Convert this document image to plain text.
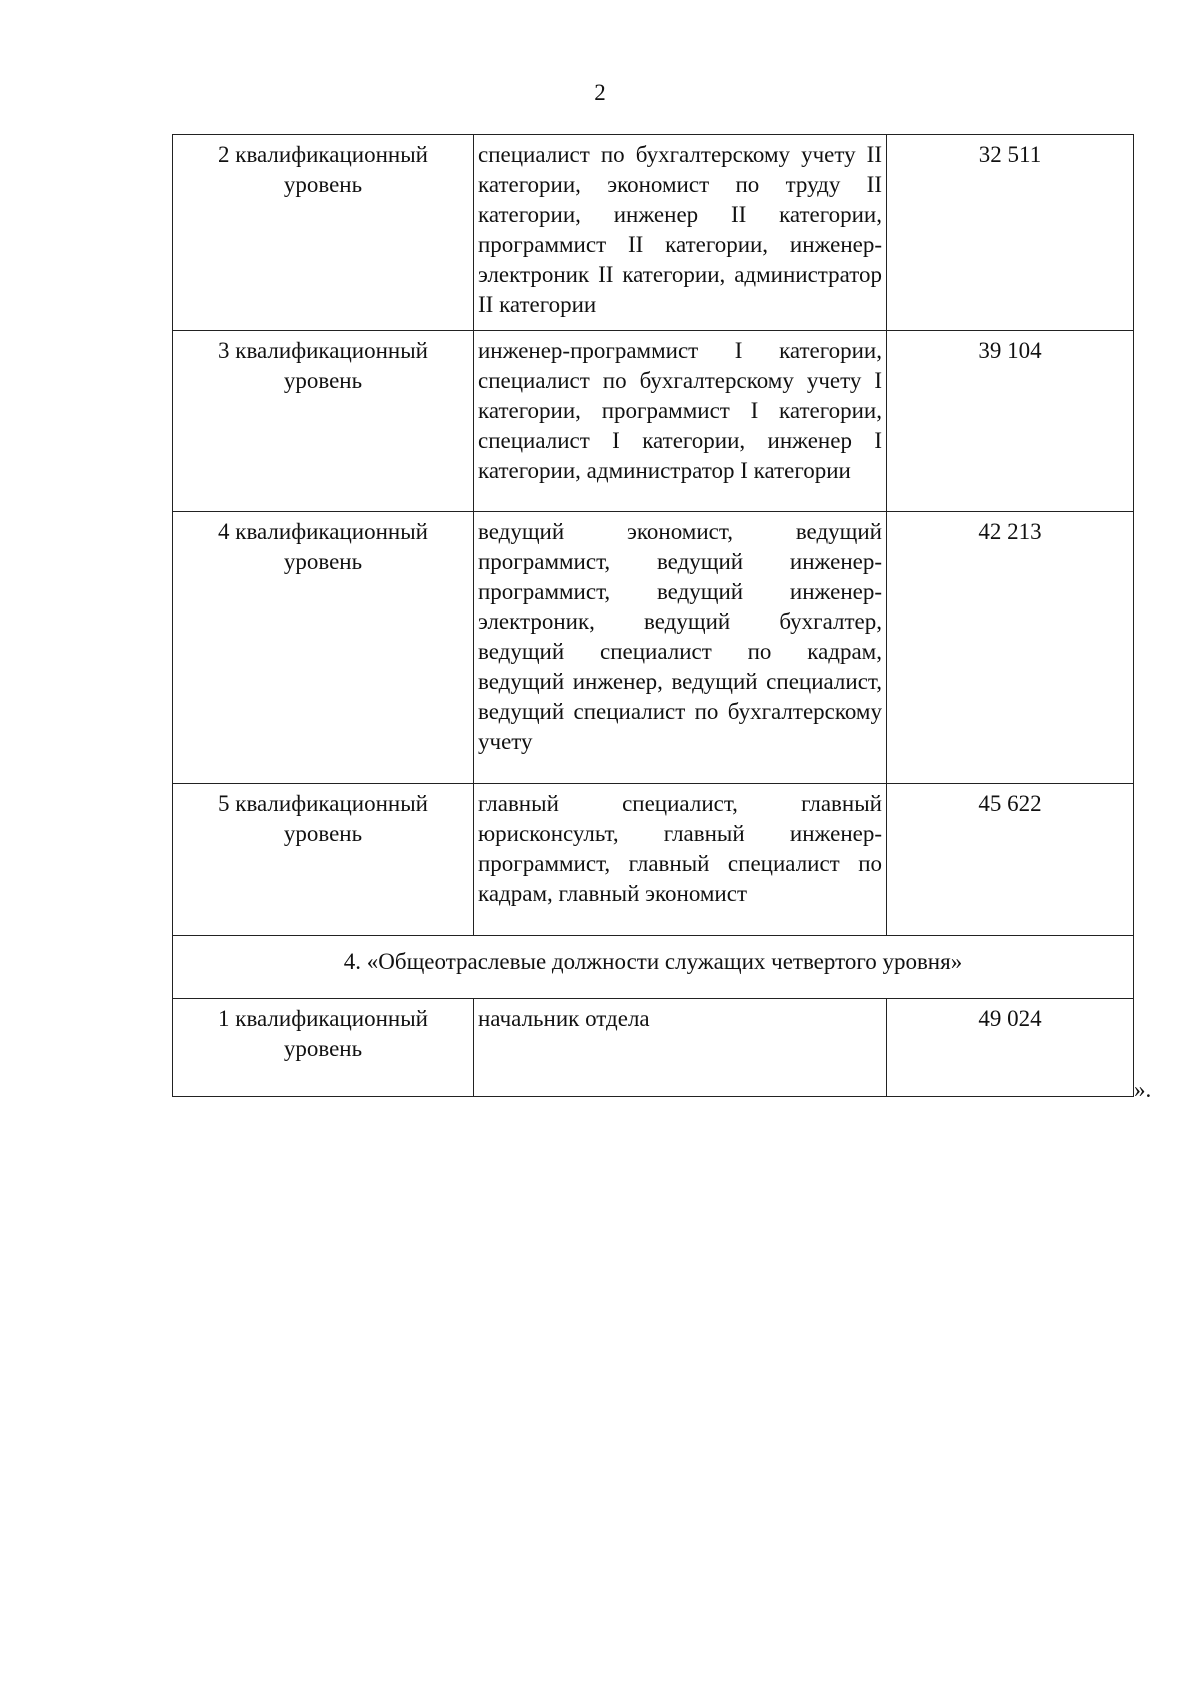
2
2 квалификационный
уровень	специалист по бухгалтерскому учету II категории, экономист по труду II категории, инженер II категории, программист II категории, инженер-электроник II категории, администратор II категории	32 511
3 квалификационный
уровень	инженер-программист I категории, специалист по бухгалтерскому учету I категории, программист I категории, специалист I категории, инженер I категории, администратор I категории	39 104
4 квалификационный
уровень	ведущий экономист, ведущий программист, ведущий инженер-программист, ведущий инженер-электроник, ведущий бухгалтер, ведущий специалист по кадрам, ведущий инженер, ведущий специалист, ведущий специалист по бухгалтерскому учету	42 213
5 квалификационный
уровень	главный специалист, главный юрисконсульт, главный инженер-программист, главный специалист по кадрам, главный экономист	45 622
4. «Общеотраслевые должности служащих четвертого уровня»		
1 квалификационный
уровень	начальник отдела	49 024
».
